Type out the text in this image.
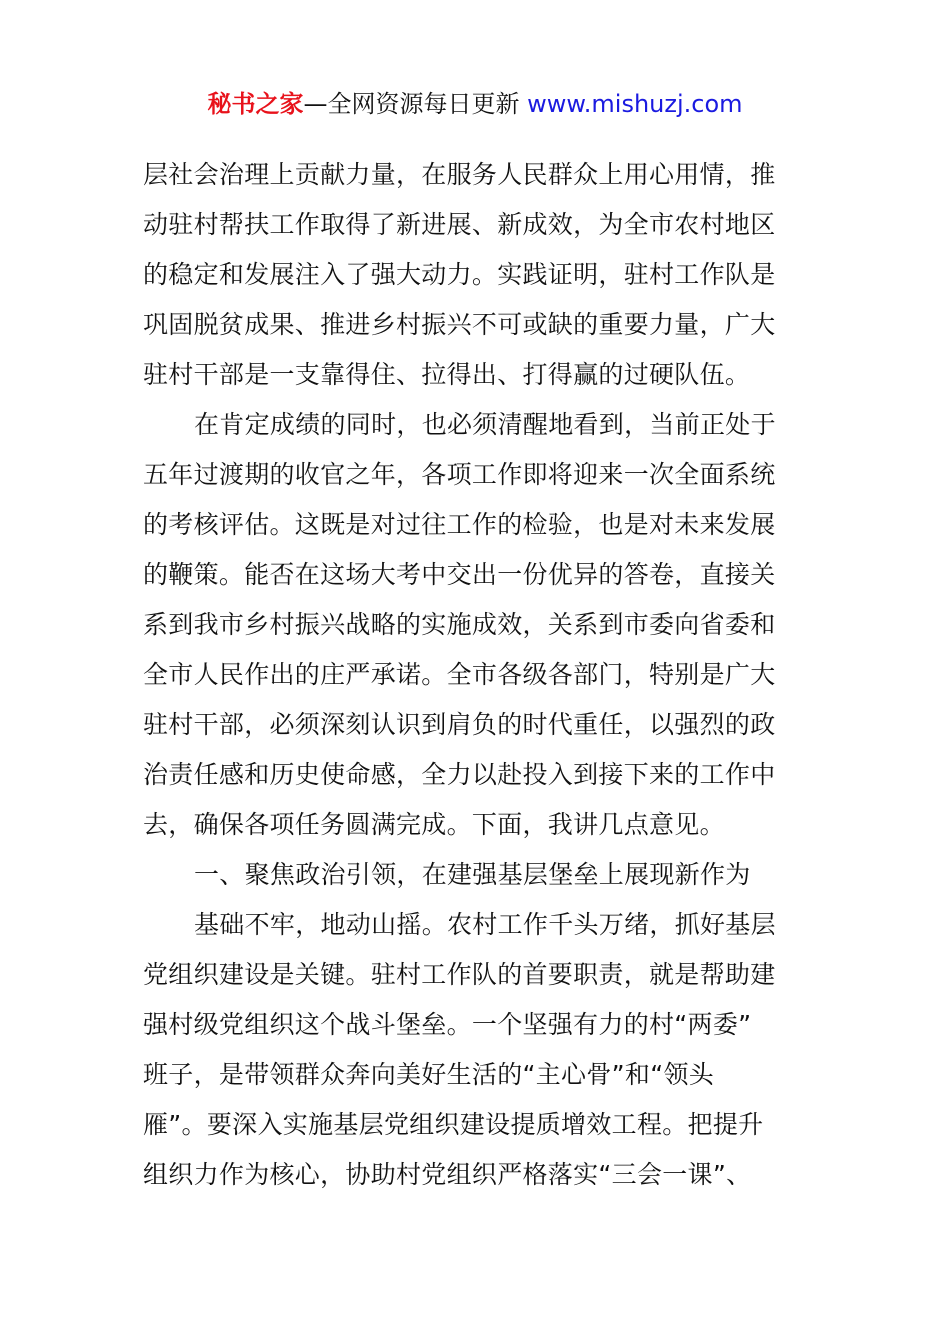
秘书之家—全网资源每日更新 www.mishuzj.com
层社会治理上贡献力量，在服务人民群众上用心用情，推
动驻村帮扶工作取得了新进展、新成效，为全市农村地区
的稳定和发展注入了强大动力。实践证明，驻村工作队是
巩固脱贫成果、推进乡村振兴不可或缺的重要力量，广大
驻村干部是一支靠得住、拉得出、打得赢的过硬队伍。
在肯定成绩的同时，也必须清醒地看到，当前正处于
五年过渡期的收官之年，各项工作即将迎来一次全面系统
的考核评估。这既是对过往工作的检验，也是对未来发展
的鞭策。能否在这场大考中交出一份优异的答卷，直接关
系到我市乡村振兴战略的实施成效，关系到市委向省委和
全市人民作出的庄严承诺。全市各级各部门，特别是广大
驻村干部，必须深刻认识到肩负的时代重任，以强烈的政
治责任感和历史使命感，全力以赴投入到接下来的工作中
去，确保各项任务圆满完成。下面，我讲几点意见。
一、聚焦政治引领，在建强基层堡垒上展现新作为
基础不牢，地动山摇。农村工作千头万绪，抓好基层
党组织建设是关键。驻村工作队的首要职责，就是帮助建
强村级党组织这个战斗堡垒。一个坚强有力的村“两委”
班子，是带领群众奔向美好生活的“主心骨”和“领头
雁”。要深入实施基层党组织建设提质增效工程。把提升
组织力作为核心，协助村党组织严格落实“三会一课”、
